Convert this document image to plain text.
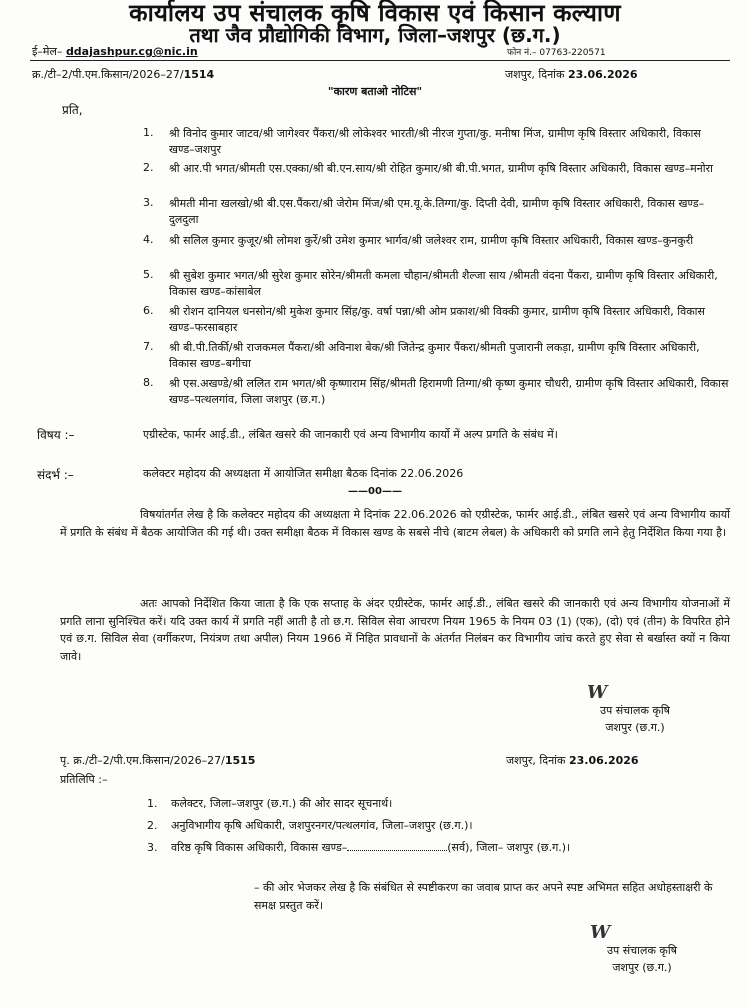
कार्यालय उप संचालक कृषि विकास एवं किसान कल्याण
तथा जैव प्रौद्योगिकी विभाग, जिला–जशपुर (छ.ग.)
ई–मेल– ddajashpur.cg@nic.in	फोन नं.– 07763-220571
क्र./टी–2/पी.एम.किसान/2026–27/1514	जशपुर, दिनांक 23.06.2026
"कारण बताओ नोटिस"
प्रति,
1. श्री विनोद कुमार जाटव/श्री जागेश्वर पैंकरा/श्री लोकेश्वर भारती/श्री नीरज गुप्ता/कु. मनीषा मिंज, ग्रामीण कृषि विस्तार अधिकारी, विकास खण्ड–जशपुर
2. श्री आर.पी भगत/श्रीमती एस.एक्का/श्री बी.एन.साय/श्री रोहित कुमार/श्री बी.पी.भगत, ग्रामीण कृषि विस्तार अधिकारी, विकास खण्ड–मनोरा
3. श्रीमती मीना खलखो/श्री बी.एस.पैंकरा/श्री जेरोम मिंज/श्री एम.यू.के.तिग्गा/कु. दिप्ती देवी, ग्रामीण कृषि विस्तार अधिकारी, विकास खण्ड–दुलदुला
4. श्री सलिल कुमार कुजूर/श्री लोमश कुर्रे/श्री उमेश कुमार भार्गव/श्री जलेश्वर राम, ग्रामीण कृषि विस्तार अधिकारी, विकास खण्ड–कुनकुरी
5. श्री सुबेश कुमार भगत/श्री सुरेश कुमार सोरेन/श्रीमती कमला चौहान/श्रीमती शैल्जा साय /श्रीमती वंदना पैंकरा, ग्रामीण कृषि विस्तार अधिकारी, विकास खण्ड–कांसाबेल
6. श्री रोशन दानियल धनसोन/श्री मुकेश कुमार सिंह/कु. वर्षा पन्ना/श्री ओम प्रकाश/श्री विक्की कुमार, ग्रामीण कृषि विस्तार अधिकारी, विकास खण्ड–फरसाबहार
7. श्री बी.पी.तिर्की/श्री राजकमल पैंकरा/श्री अविनाश बेक/श्री जितेन्द्र कुमार पैंकरा/श्रीमती पुजारानी लकड़ा, ग्रामीण कृषि विस्तार अधिकारी, विकास खण्ड–बगीचा
8. श्री एस.अखण्डे/श्री ललित राम भगत/श्री कृष्णाराम सिंह/श्रीमती हिरामणी तिग्गा/श्री कृष्ण कुमार चौधरी, ग्रामीण कृषि विस्तार अधिकारी, विकास खण्ड–पत्थलगांव, जिला जशपुर (छ.ग.)
विषय :–	एग्रीस्टेक, फार्मर आई.डी., लंबित खसरे की जानकारी एवं अन्य विभागीय कार्यो में अल्प प्रगति के संबंध में।
संदर्भ :–	कलेक्टर महोदय की अध्यक्षता में आयोजित समीक्षा बैठक दिनांक 22.06.2026
——00——
विषयांतर्गत लेख है कि कलेक्टर महोदय की अध्यक्षता मे दिनांक 22.06.2026 को एग्रीस्टेक, फार्मर आई.डी., लंबित खसरे एवं अन्य विभागीय कार्यो में प्रगति के संबंध में बैठक आयोजित की गई थी। उक्त समीक्षा बैठक में विकास खण्ड के सबसे नीचे (बाटम लेबल) के अधिकारी को प्रगति लाने हेतु निर्देशित किया गया है।
अतः आपको निर्देशित किया जाता है कि एक सप्ताह के अंदर एग्रीस्टेक, फार्मर आई.डी., लंबित खसरे की जानकारी एवं अन्य विभागीय योजनाओं में प्रगति लाना सुनिश्चित करें। यदि उक्त कार्य में प्रगति नहीं आती है तो छ.ग. सिविल सेवा आचरण नियम 1965 के नियम 03 (1) (एक), (दो) एवं (तीन) के विपरित होने एवं छ.ग. सिविल सेवा (वर्गीकरण, नियंत्रण तथा अपील) नियम 1966 में निहित प्रावधानों के अंतर्गत निलंबन कर विभागीय जांच करते हुए सेवा से बर्खास्त क्यों न किया जावे।
W
उप संचालक कृषि
जशपुर (छ.ग.)
पृ. क्र./टी–2/पी.एम.किसान/2026–27/1515	जशपुर, दिनांक 23.06.2026
प्रतिलिपि :–
1. कलेक्टर, जिला–जशपुर (छ.ग.) की ओर सादर सूचनार्थ।
2. अनुविभागीय कृषि अधिकारी, जशपुरनगर/पत्थलगांव, जिला–जशपुर (छ.ग.)।
3. वरिष्ठ कृषि विकास अधिकारी, विकास खण्ड–	(सर्व), जिला– जशपुर (छ.ग.)।
– की ओर भेजकर लेख है कि संबंधित से स्पष्टीकरण का जवाब प्राप्त कर अपने स्पष्ट अभिमत सहित अधोहस्ताक्षरी के समक्ष प्रस्तुत करें।
W
उप संचालक कृषि
जशपुर (छ.ग.)
